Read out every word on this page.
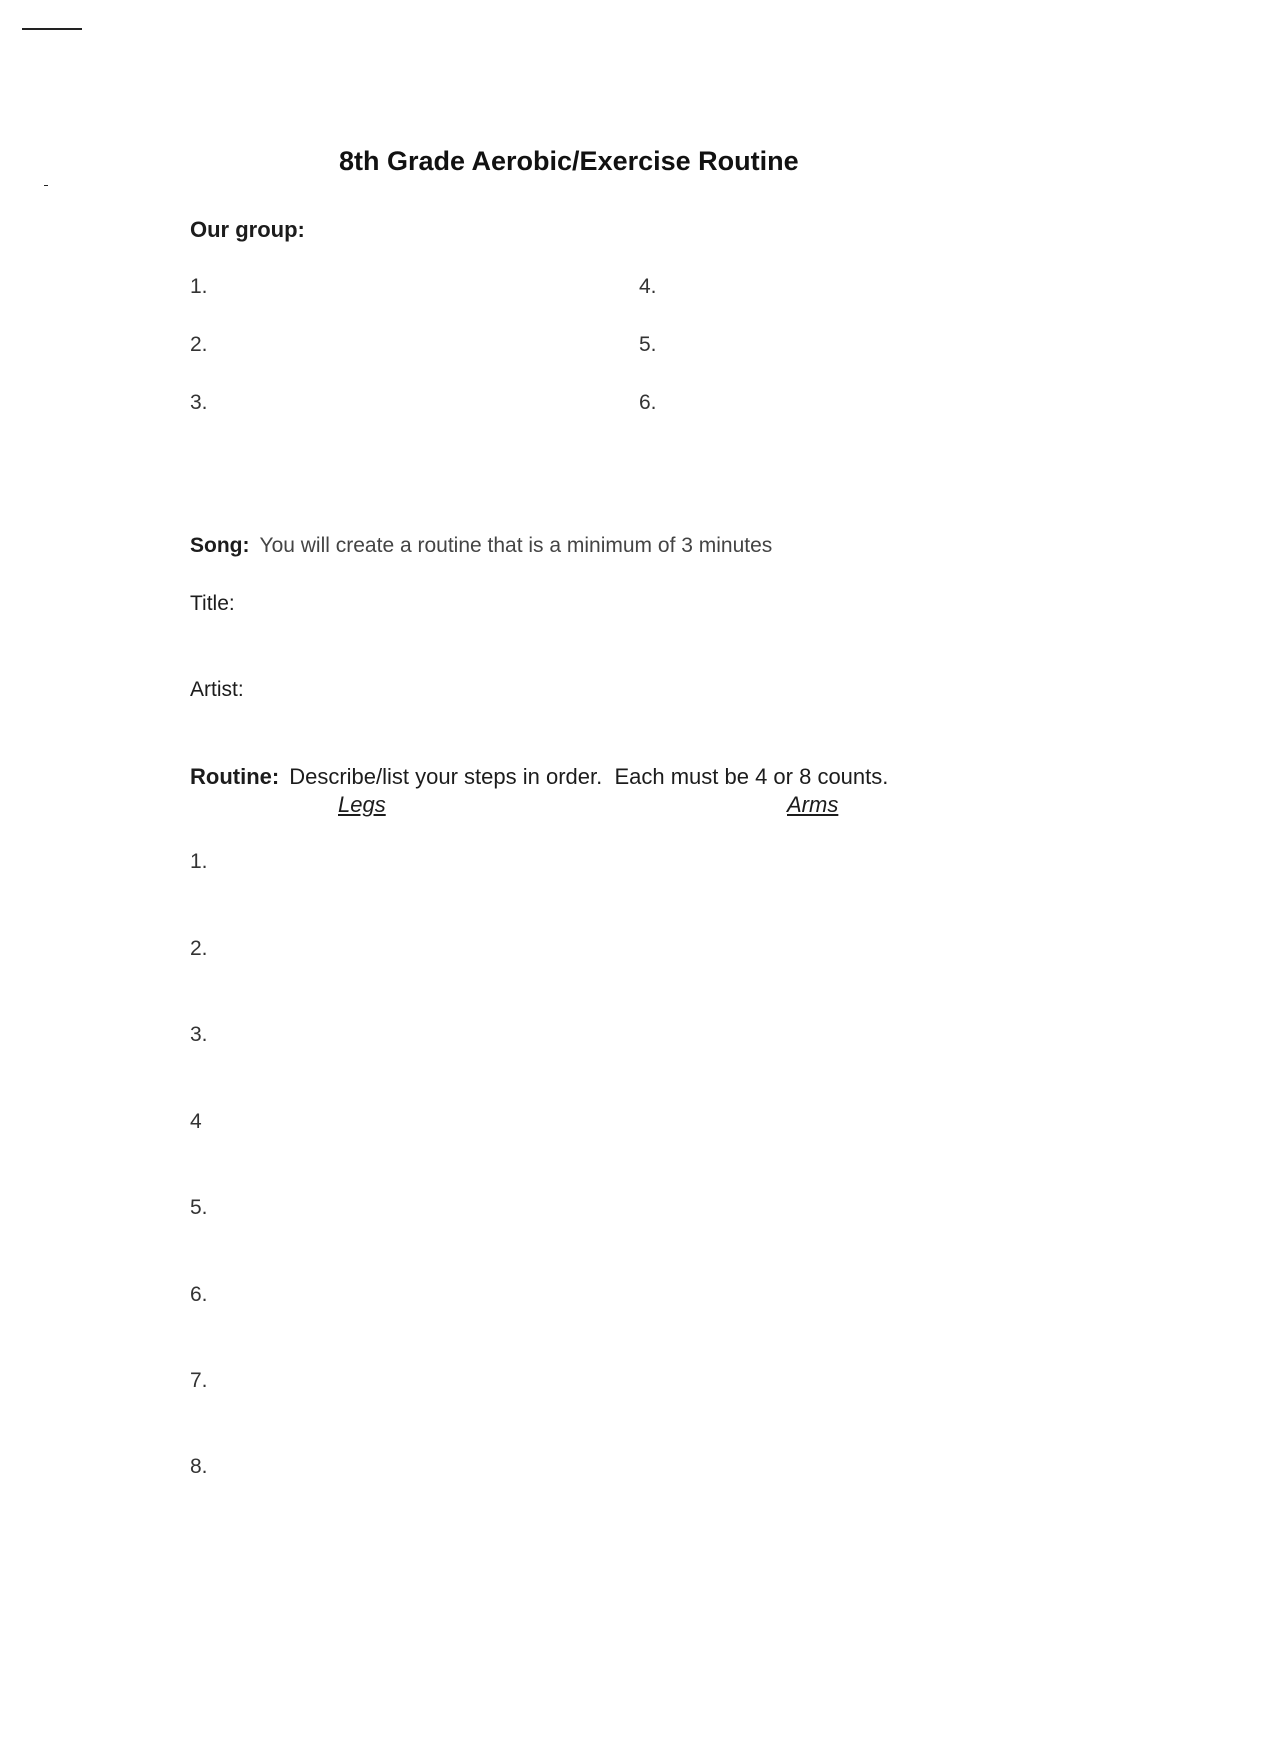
8th Grade Aerobic/Exercise Routine
Our group:
1.
2.
3.
4.
5.
6.
Song: You will create a routine that is a minimum of 3 minutes
Title:
Artist:
Routine: Describe/list your steps in order.  Each must be 4 or 8 counts.
Legs	Arms
1.
2.
3.
4
5.
6.
7.
8.
